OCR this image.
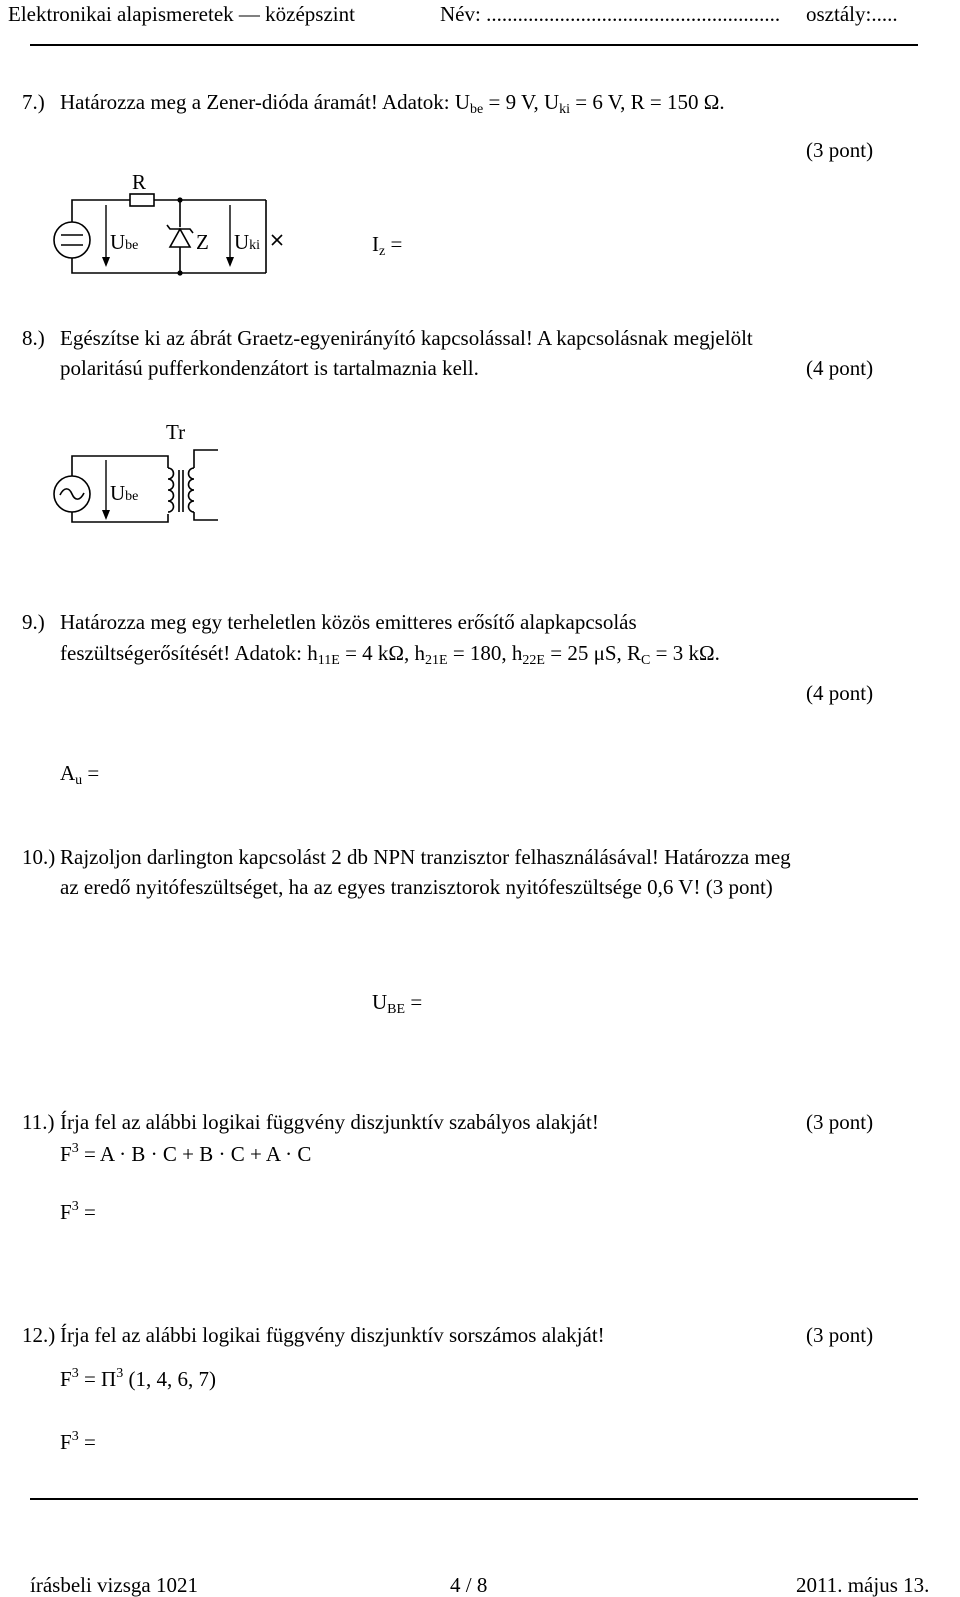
Elektronikai alapismeretek — középszint	Név: ........................................................ osztály:.....
7.) Határozza meg a Zener-dióda áramát! Adatok: $U_{be} = 9$ V, $U_{ki} = 6$ V, R = 150 Ω.
(3 pont)
R
Ube	Z Uki	$I_z$ =
8.) Egészítse ki az ábrát Graetz-egyenirányító kapcsolással! A kapcsolásnak megjelölt
polaritású pufferkondenzátort is tartalmaznia kell.	(4 pont)
Tr
Ube
9.) Határozza meg egy terheletlen közös emitteres erősítő alapkapcsolás
feszültségerősítését! Adatok: $h_{11E} = 4$ kΩ, $h_{21E} = 180$, $h_{22E} = 25$ μS, $R_C = 3$ kΩ.
(4 pont)
$A_u$ =
10.) Rajzoljon darlington kapcsolást 2 db NPN tranzisztor felhasználásával! Határozza meg
az eredő nyitófeszültséget, ha az egyes tranzisztorok nyitófeszültsége 0,6 V! (3 pont)
$U_{BE}$ =
11.) Írja fel az alábbi logikai függvény diszjunktív szabályos alakját!	(3 pont)
$F^3 = A \cdot B \cdot C + B \cdot C + A \cdot C$
$F^3$ =
12.) Írja fel az alábbi logikai függvény diszjunktív sorszámos alakját!	(3 pont)
$F^3 = \Pi^3$ (1, 4, 6, 7)
$F^3$ =
írásbeli vizsga 1021	4 / 8	2011. május 13.
